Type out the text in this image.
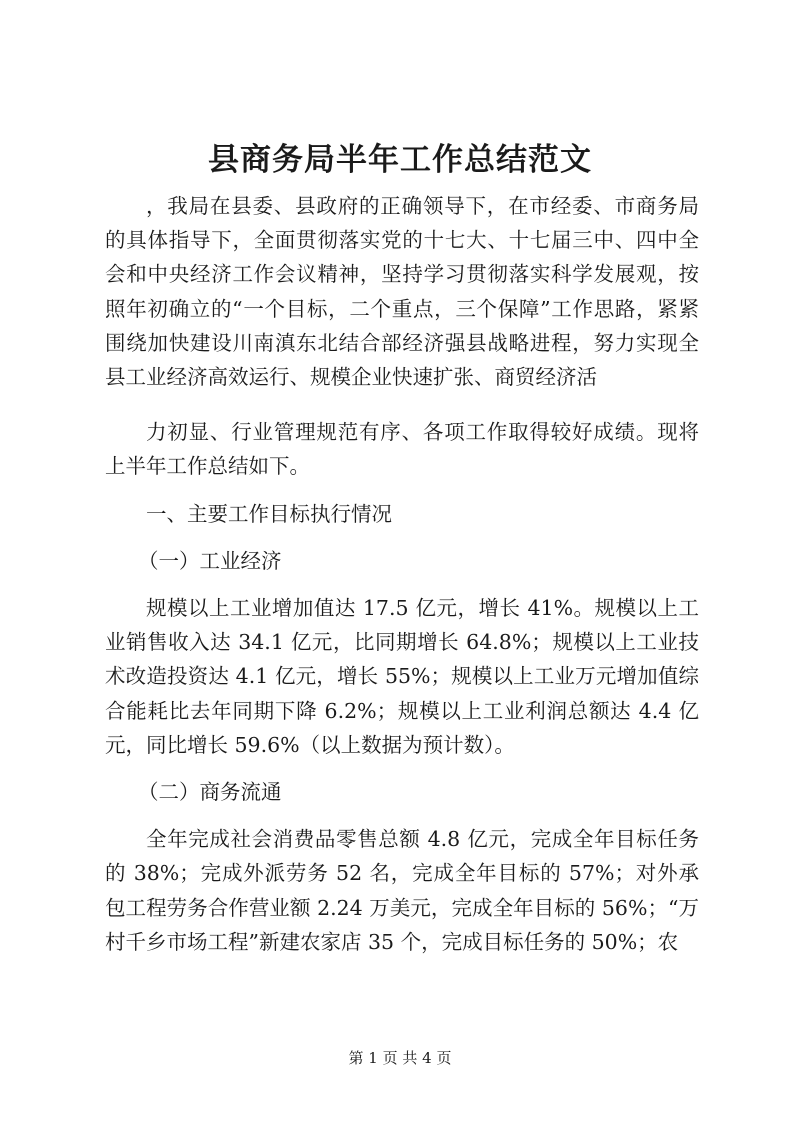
县商务局半年工作总结范文

，我局在县委、县政府的正确领导下，在市经委、市商务局的具体指导下，全面贯彻落实党的十七大、十七届三中、四中全会和中央经济工作会议精神，坚持学习贯彻落实科学发展观，按照年初确立的“一个目标，二个重点，三个保障”工作思路，紧紧围绕加快建设川南滇东北结合部经济强县战略进程，努力实现全县工业经济高效运行、规模企业快速扩张、商贸经济活

力初显、行业管理规范有序、各项工作取得较好成绩。现将上半年工作总结如下。

一、主要工作目标执行情况

（一）工业经济

规模以上工业增加值达 17.5 亿元，增长 41%。规模以上工业销售收入达 34.1 亿元，比同期增长 64.8%；规模以上工业技术改造投资达 4.1 亿元，增长 55%；规模以上工业万元增加值综合能耗比去年同期下降 6.2%；规模以上工业利润总额达 4.4 亿元，同比增长 59.6%（以上数据为预计数）。

（二）商务流通

全年完成社会消费品零售总额 4.8 亿元，完成全年目标任务的 38%；完成外派劳务 52 名，完成全年目标的 57%；对外承包工程劳务合作营业额 2.24 万美元，完成全年目标的 56%；“万村千乡市场工程”新建农家店 35 个，完成目标任务的 50%；农

第 1 页 共 4 页
